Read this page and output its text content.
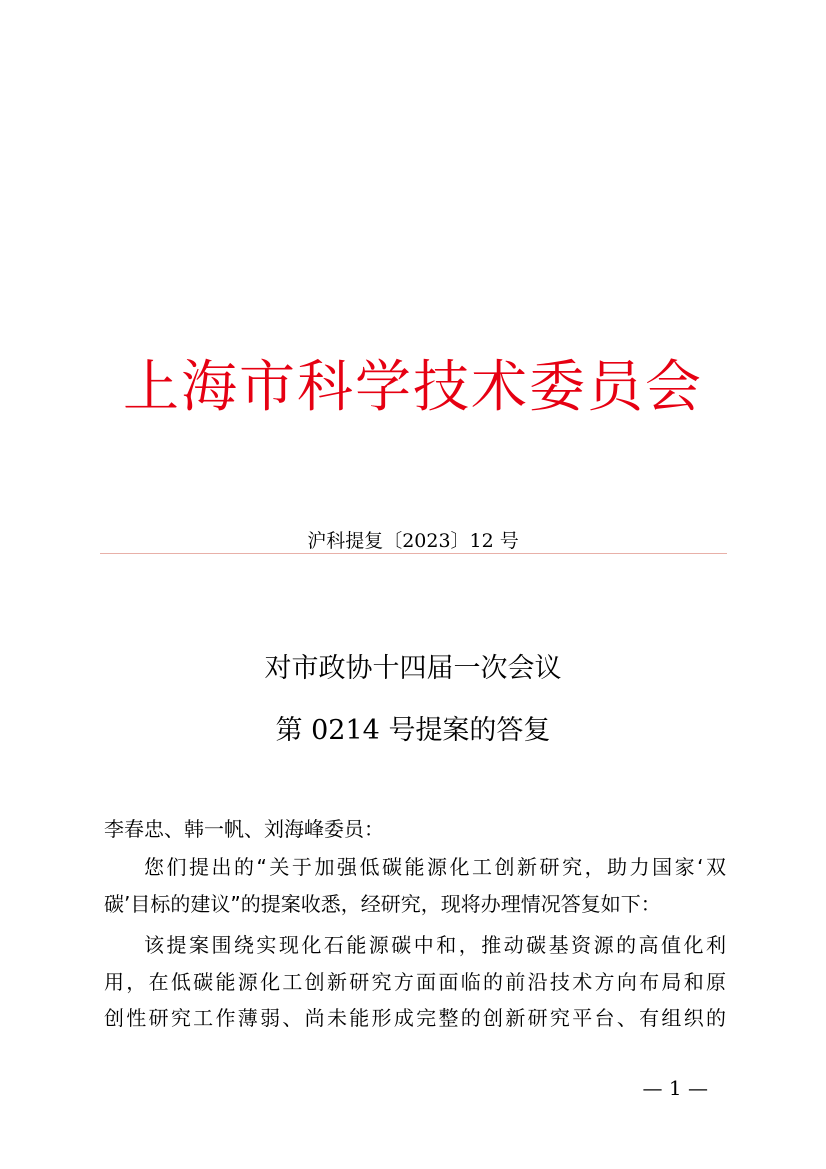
上海市科学技术委员会
沪科提复〔2023〕12 号
对市政协十四届一次会议
第 0214 号提案的答复
李春忠、韩一帆、刘海峰委员：
您们提出的“关于加强低碳能源化工创新研究，助力国家‘双
碳’目标的建议”的提案收悉，经研究，现将办理情况答复如下：
该提案围绕实现化石能源碳中和，推动碳基资源的高值化利
用，在低碳能源化工创新研究方面面临的前沿技术方向布局和原
创性研究工作薄弱、尚未能形成完整的创新研究平台、有组织的
— 1 —
